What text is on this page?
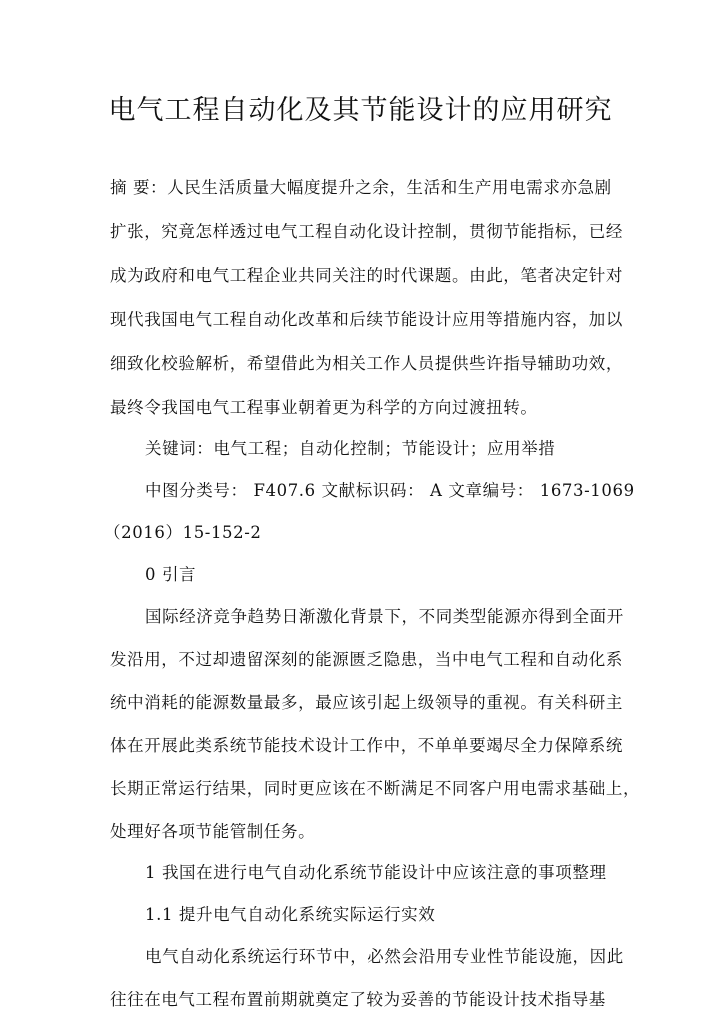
电气工程自动化及其节能设计的应用研究
摘 要：人民生活质量大幅度提升之余，生活和生产用电需求亦急剧
扩张，究竟怎样透过电气工程自动化设计控制，贯彻节能指标，已经
成为政府和电气工程企业共同关注的时代课题。由此，笔者决定针对
现代我国电气工程自动化改革和后续节能设计应用等措施内容，加以
细致化校验解析，希望借此为相关工作人员提供些许指导辅助功效，
最终令我国电气工程事业朝着更为科学的方向过渡扭转。
关键词：电气工程；自动化控制；节能设计；应用举措
中图分类号： F407.6 文献标识码： A 文章编号： 1673-1069
（2016）15-152-2
0 引言
国际经济竞争趋势日渐激化背景下，不同类型能源亦得到全面开
发沿用，不过却遗留深刻的能源匮乏隐患，当中电气工程和自动化系
统中消耗的能源数量最多，最应该引起上级领导的重视。有关科研主
体在开展此类系统节能技术设计工作中，不单单要竭尽全力保障系统
长期正常运行结果，同时更应该在不断满足不同客户用电需求基础上，
处理好各项节能管制任务。
1 我国在进行电气自动化系统节能设计中应该注意的事项整理
1.1 提升电气自动化系统实际运行实效
电气自动化系统运行环节中，必然会沿用专业性节能设施，因此
往往在电气工程布置前期就奠定了较为妥善的节能设计技术指导基
